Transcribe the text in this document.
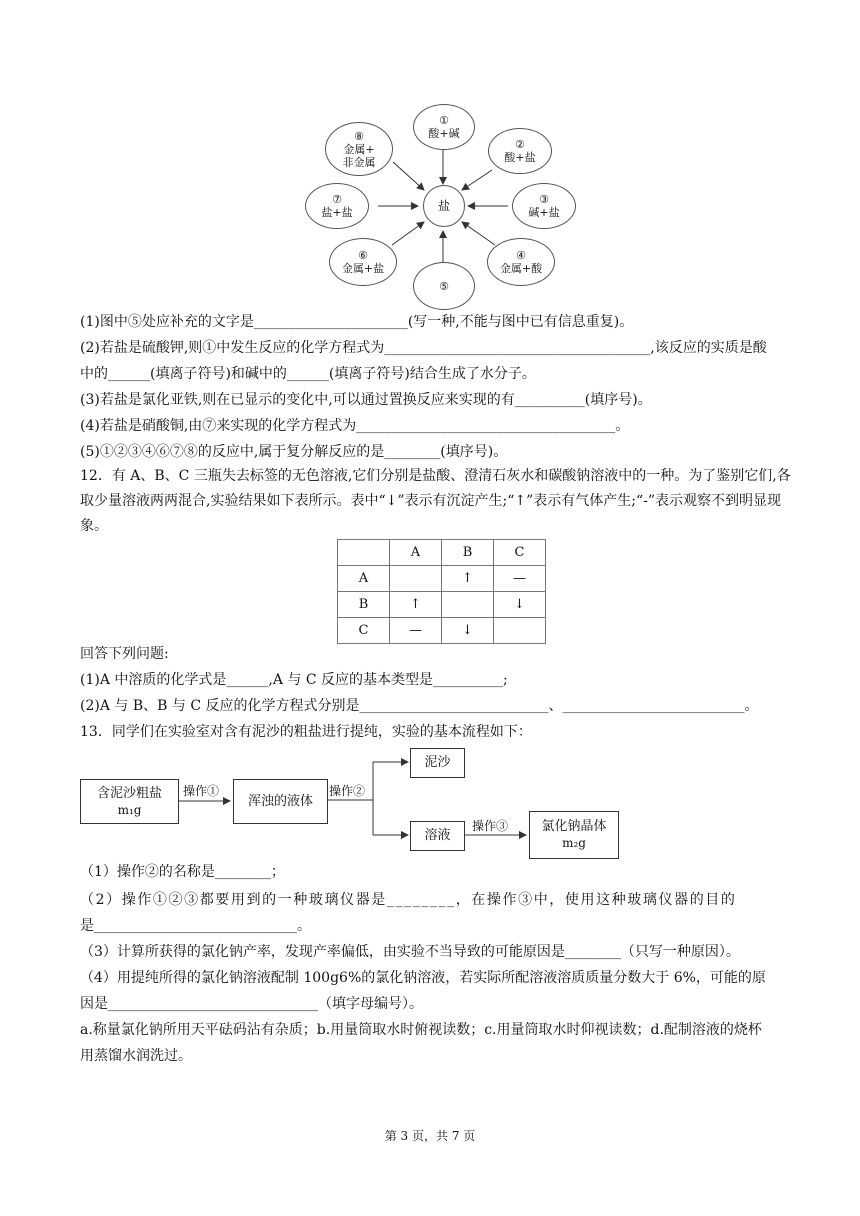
盐
①
酸+碱
②
酸+盐
③
碱+盐
④
金属+酸
⑤
⑥
金属+盐
⑦
盐+盐
⑧
金属+
非金属
(1)图中⑤处应补充的文字是______________________(写一种,不能与图中已有信息重复)。
(2)若盐是硫酸钾,则①中发生反应的化学方程式为______________________________________,该反应的实质是酸
中的______(填离子符号)和碱中的______(填离子符号)结合生成了水分子。
(3)若盐是氯化亚铁,则在已显示的变化中,可以通过置换反应来实现的有__________(填序号)。
(4)若盐是硝酸铜,由⑦来实现的化学方程式为_____________________________________。
(5)①②③④⑥⑦⑧的反应中,属于复分解反应的是________(填序号)。
12．有 A、B、C 三瓶失去标签的无色溶液,它们分别是盐酸、澄清石灰水和碳酸钠溶液中的一种。为了鉴别它们,各取少量溶液两两混合,实验结果如下表所示。表中“↓”表示有沉淀产生;“↑”表示有气体产生;“-”表示观察不到明显现象。
	A	B	C
A		↑	—
B	↑		↓
C	—	↓	
回答下列问题:
(1)A 中溶质的化学式是______,A 与 C 反应的基本类型是__________;
(2)A 与 B、B 与 C 反应的化学方程式分别是___________________________、__________________________。
13．同学们在实验室对含有泥沙的粗盐进行提纯，实验的基本流程如下：
含泥沙粗盐
m₁g
操作①
浑浊的液体
操作②
泥沙
溶液
操作③	氯化钠晶体
m₂g
（1）操作②的名称是________；
（2）操作①②③都要用到的一种玻璃仪器是________，在操作③中，使用这种玻璃仪器的目的
是_____________________________。
（3）计算所获得的氯化钠产率，发现产率偏低，由实验不当导致的可能原因是________（只写一种原因）。
（4）用提纯所得的氯化钠溶液配制 100g6%的氯化钠溶液，若实际所配溶液溶质质量分数大于 6%，可能的原
因是______________________________（填字母编号）。
a.称量氯化钠所用天平砝码沾有杂质；b.用量筒取水时俯视读数；c.用量筒取水时仰视读数；d.配制溶液的烧杯
用蒸馏水润洗过。
第 3 页，共 7 页
